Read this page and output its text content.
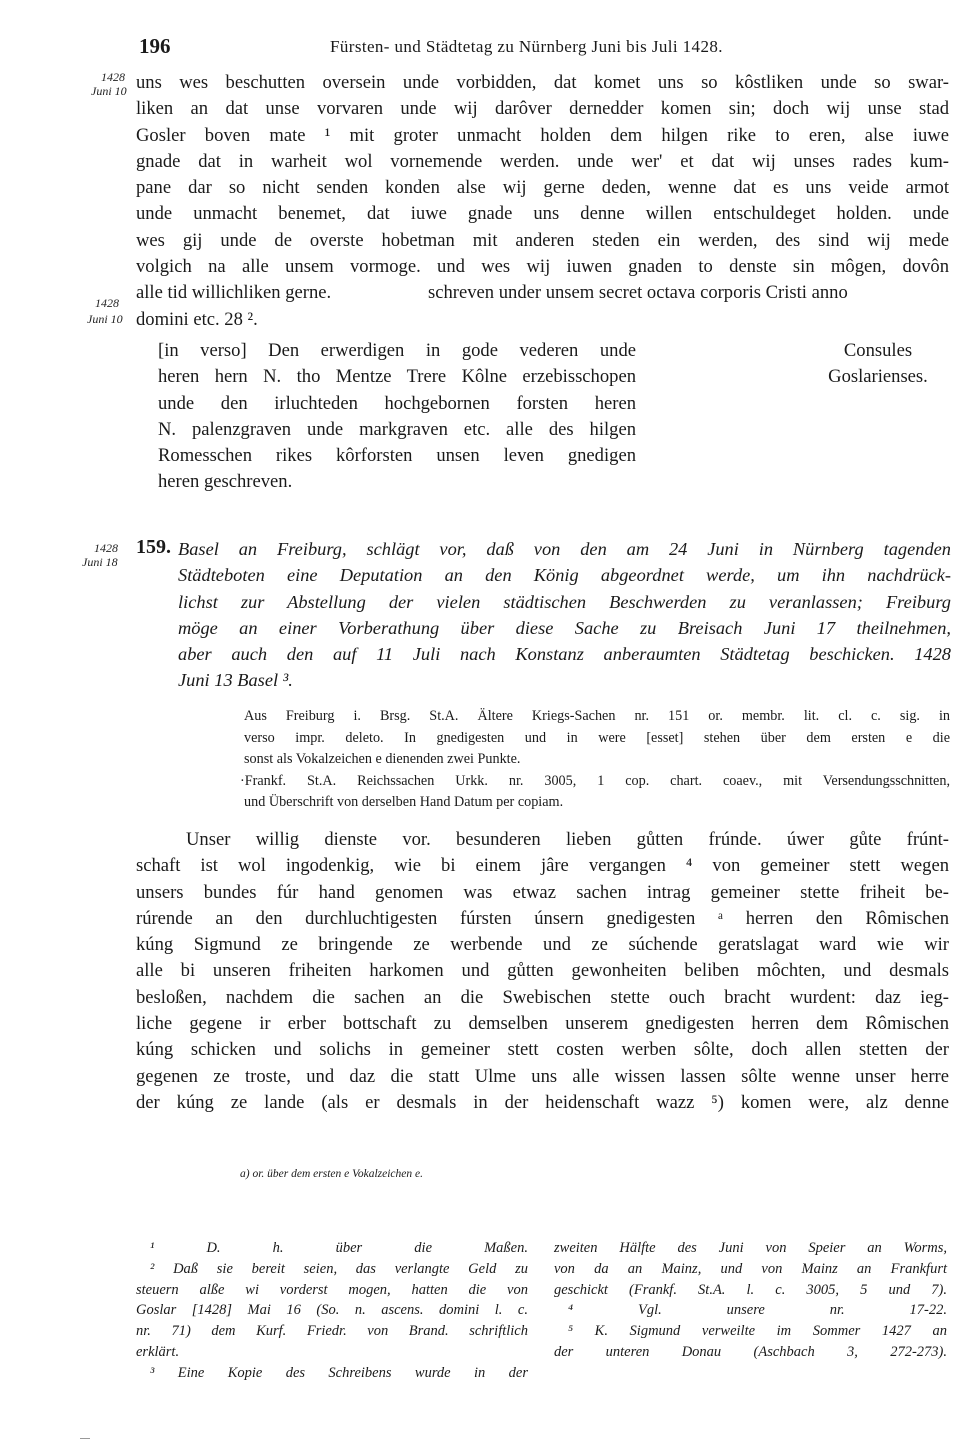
196	Fürsten- und Städtetag zu Nürnberg Juni bis Juli 1428.
1428
Juni 10
1428
Juni 10
1428
Juni 18
uns wes beschutten oversein unde vorbidden, dat komet uns so kôstliken unde so swar-
liken an dat unse vorvaren unde wij darôver dernedder komen sin; doch wij unse stad
Gosler boven mate ¹ mit groter unmacht holden dem hilgen rike to eren, alse iuwe
gnade dat in warheit wol vornemende werden. unde wer' et dat wij unses rades kum-
pane dar so nicht senden konden alse wij gerne deden, wenne dat es uns veide armot
unde unmacht benemet, dat iuwe gnade uns denne willen entschuldeget holden. unde
wes gij unde de overste hobetman mit anderen steden ein werden, des sind wij mede
volgich na alle unsem vormoge. und wes wij iuwen gnaden to denste sin môgen, dovôn
alle tid willichliken gerne.
domini etc. 28 ².
schreven under unsem secret octava corporis Cristi anno
[in verso] Den erwerdigen in gode vederen unde
heren hern N. tho Mentze Trere Kôlne erzebisschopen
unde den irluchteden hochgebornen forsten heren
N. palenzgraven unde markgraven etc. alle des hilgen
Romesschen rikes kôrforsten unsen leven gnedigen
heren geschreven.
Consules
Goslarienses.
159. Basel an Freiburg, schlägt vor, daß von den am 24 Juni in Nürnberg tagenden
Städteboten eine Deputation an den König abgeordnet werde, um ihn nachdrück-
lichst zur Abstellung der vielen städtischen Beschwerden zu veranlassen; Freiburg
möge an einer Vorberathung über diese Sache zu Breisach Juni 17 theilnehmen,
aber auch den auf 11 Juli nach Konstanz anberaumten Städtetag beschicken. 1428
Juni 13 Basel ³.
Aus Freiburg i. Brsg. St.A. Ältere Kriegs-Sachen nr. 151 or. membr. lit. cl. c. sig. in
verso impr. deleto. In gnedigesten und in were [esset] stehen über dem ersten e die
sonst als Vokalzeichen e dienenden zwei Punkte.
·Frankf. St.A. Reichssachen Urkk. nr. 3005, 1 cop. chart. coaev., mit Versendungsschnitten,
und Überschrift von derselben Hand Datum per copiam.
Unser willig dienste vor. besunderen lieben gůtten frúnde. úwer gůte frúnt-
schaft ist wol ingodenkig, wie bi einem jâre vergangen ⁴ von gemeiner stett wegen
unsers bundes fúr hand genomen was etwaz sachen intrag gemeiner stette friheit be-
rúrende an den durchluchtigesten fúrsten únsern gnedigesten ᵃ herren den Rômischen
kúng Sigmund ze bringende ze werbende und ze súchende geratslagat ward wie wir
alle bi unseren friheiten harkomen und gůtten gewonheiten beliben môchten, und desmals
besloßen, nachdem die sachen an die Swebischen stette ouch bracht wurdent: daz ieg-
liche gegene ir erber bottschaft zu demselben unserem gnedigesten herren dem Rômischen
kúng schicken und solichs in gemeiner stett costen werben sôlte, doch allen stetten der
gegenen ze troste, und daz die statt Ulme uns alle wissen lassen sôlte wenne unser herre
der kúng ze lande (als er desmals in der heidenschaft wazz ⁵) komen were, alz denne
a) or. über dem ersten e Vokalzeichen e.
¹ D. h. über die Maßen.
² Daß sie bereit seien, das verlangte Geld zu
steuern alße wi vorderst mogen, hatten die von
Goslar [1428] Mai 16 (So. n. ascens. domini l. c.
nr. 71) dem Kurf. Friedr. von Brand. schriftlich
erklärt.
³ Eine Kopie des Schreibens wurde in der
zweiten Hälfte des Juni von Speier an Worms,
von da an Mainz, und von Mainz an Frankfurt
geschickt (Frankf. St.A. l. c. 3005, 5 und 7).
⁴ Vgl. unsere nr. 17-22.
⁵ K. Sigmund verweilte im Sommer 1427 an
der unteren Donau (Aschbach 3, 272-273).
